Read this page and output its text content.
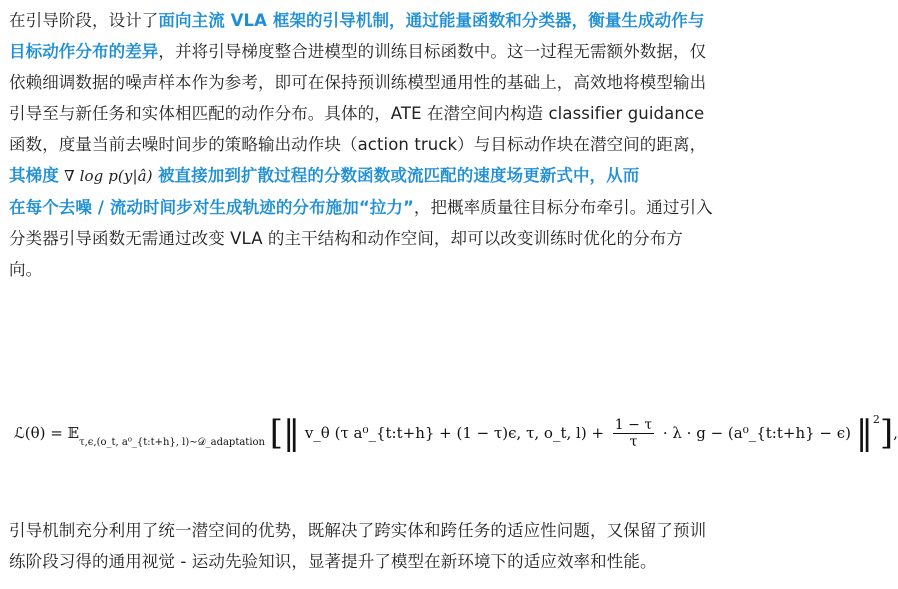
在引导阶段，设计了面向主流 VLA 框架的引导机制，通过能量函数和分类器，衡量生成动作与
目标动作分布的差异，并将引导梯度整合进模型的训练目标函数中。这一过程无需额外数据，仅
依赖细调数据的噪声样本作为参考，即可在保持预训练模型通用性的基础上，高效地将模型输出
引导至与新任务和实体相匹配的动作分布。具体的，ATE 在潜空间内构造 classifier guidance
函数，度量当前去噪时间步的策略输出动作块（action truck）与目标动作块在潜空间的距离，
其梯度 ∇ log p(y|â) 被直接加到扩散过程的分数函数或流匹配的速度场更新式中，从而
在每个去噪 / 流动时间步对生成轨迹的分布施加“拉力”，把概率质量往目标分布牵引。通过引入
分类器引导函数无需通过改变 VLA 的主干结构和动作空间，却可以改变训练时优化的分布方
向。
ℒ(θ) = 𝔼$_{\tau,\epsilon,(o\_t, a^0\_\{t:t+h\}, l)\sim 𝒟\_adaptation}$ [‖ v_θ (τ a⁰_{t:t+h} + (1 − τ)ϵ, τ, o_t, $l) + \frac{1 - \tau}{\tau} \cdot \lambda \cdot g$ − (a⁰_{t:t+h} − ϵ) ‖$^2$],
引导机制充分利用了统一潜空间的优势，既解决了跨实体和跨任务的适应性问题，又保留了预训
练阶段习得的通用视觉 - 运动先验知识，显著提升了模型在新环境下的适应效率和性能。
